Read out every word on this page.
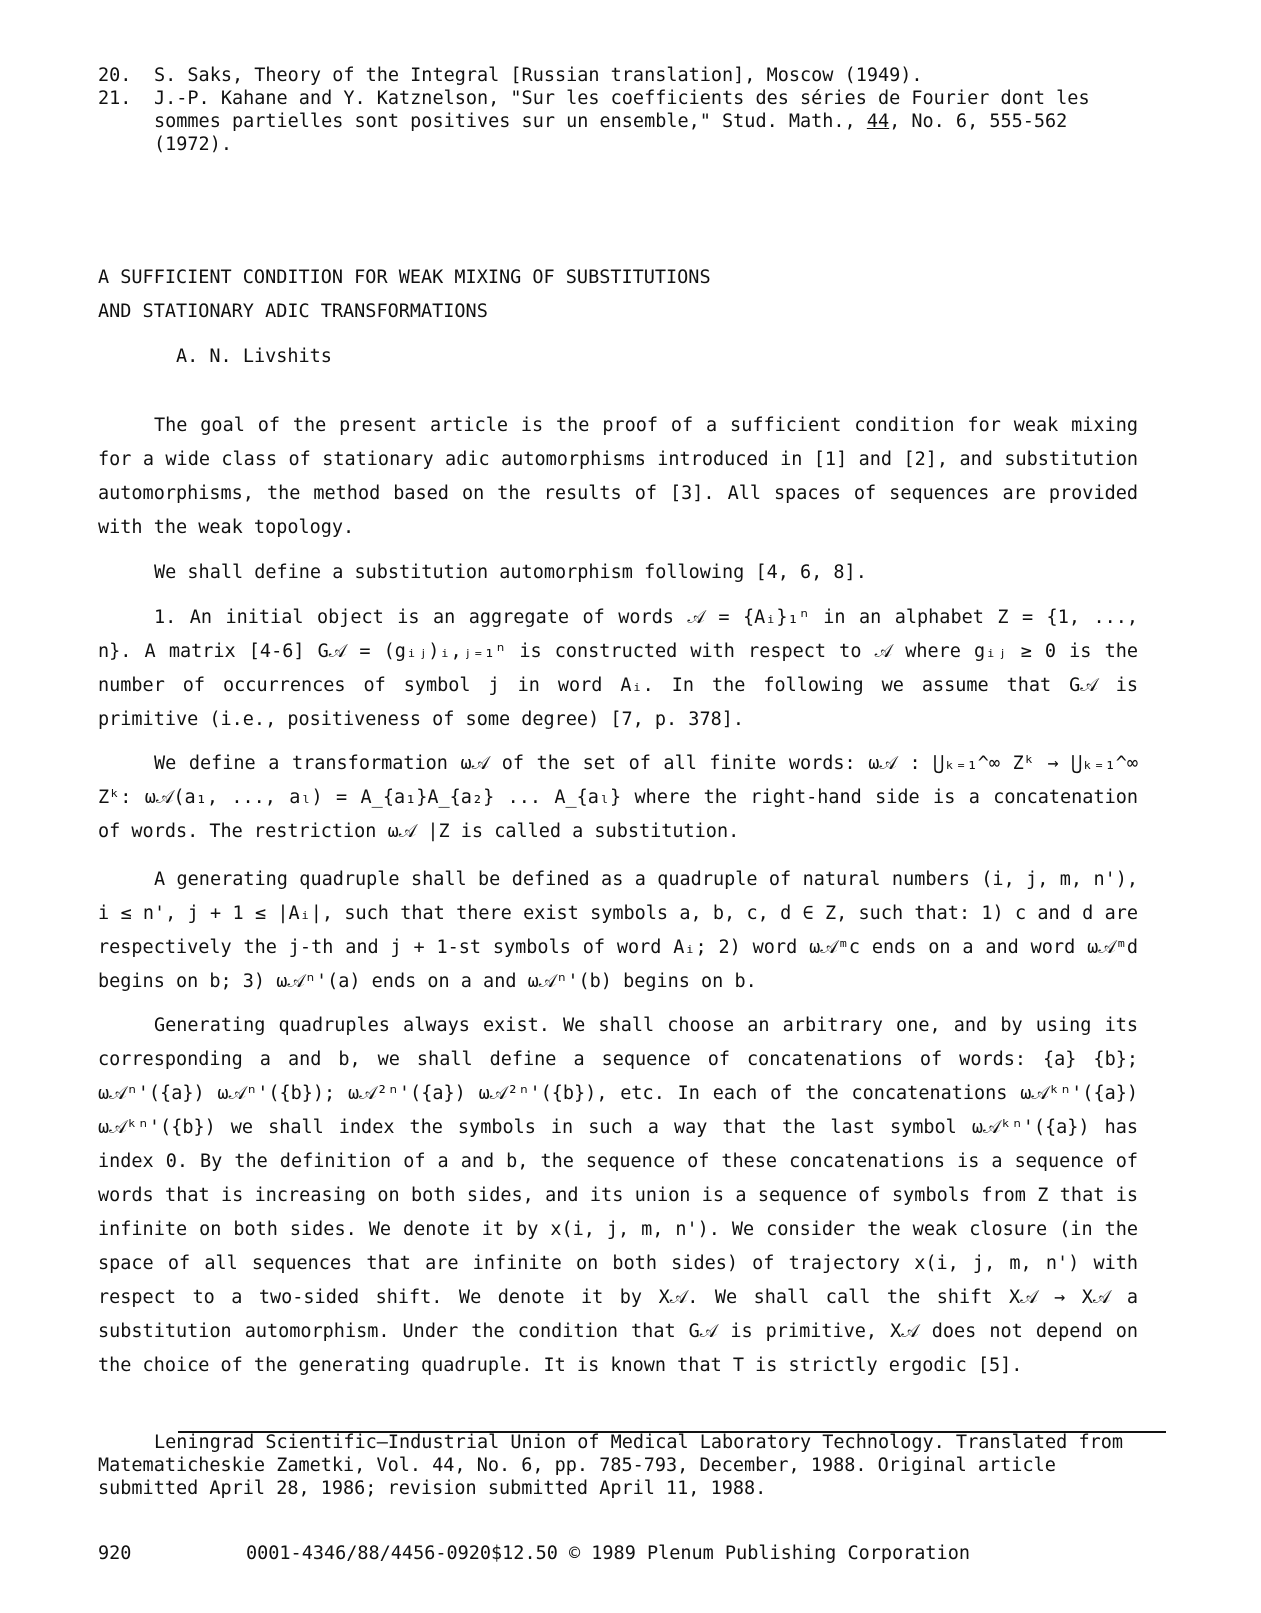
20. S. Saks, Theory of the Integral [Russian translation], Moscow (1949).
21. J.-P. Kahane and Y. Katznelson, "Sur les coefficients des séries de Fourier dont les sommes partielles sont positives sur un ensemble," Stud. Math., 44, No. 6, 555-562 (1972).
A SUFFICIENT CONDITION FOR WEAK MIXING OF SUBSTITUTIONS
AND STATIONARY ADIC TRANSFORMATIONS
A. N. Livshits
The goal of the present article is the proof of a sufficient condition for weak mixing for a wide class of stationary adic automorphisms introduced in [1] and [2], and substitution automorphisms, the method based on the results of [3]. All spaces of sequences are provided with the weak topology.
We shall define a substitution automorphism following [4, 6, 8].
1. An initial object is an aggregate of words 𝒜 = {Aᵢ}₁ⁿ in an alphabet Z = {1, ..., n}. A matrix [4-6] G𝒜 = (gᵢⱼ)ᵢ,ⱼ₌₁ⁿ is constructed with respect to 𝒜 where gᵢⱼ ≥ 0 is the number of occurrences of symbol j in word Aᵢ. In the following we assume that G𝒜 is primitive (i.e., positiveness of some degree) [7, p. 378].
We define a transformation ω𝒜 of the set of all finite words: ω𝒜 : ⋃ₖ₌₁^∞ Zᵏ → ⋃ₖ₌₁^∞ Zᵏ: ω𝒜(a₁, ..., aₗ) = A_{a₁}A_{a₂} ... A_{aₗ} where the right-hand side is a concatenation of words. The restriction ω𝒜 |Z is called a substitution.
A generating quadruple shall be defined as a quadruple of natural numbers (i, j, m, n'), i ≤ n', j + 1 ≤ |Aᵢ|, such that there exist symbols a, b, c, d ∈ Z, such that: 1) c and d are respectively the j-th and j + 1-st symbols of word Aᵢ; 2) word ω𝒜ᵐc ends on a and word ω𝒜ᵐd begins on b; 3) ω𝒜ⁿ'(a) ends on a and ω𝒜ⁿ'(b) begins on b.
Generating quadruples always exist. We shall choose an arbitrary one, and by using its corresponding a and b, we shall define a sequence of concatenations of words: {a} {b}; ω𝒜ⁿ'({a}) ω𝒜ⁿ'({b}); ω𝒜²ⁿ'({a}) ω𝒜²ⁿ'({b}), etc. In each of the concatenations ω𝒜ᵏⁿ'({a}) ω𝒜ᵏⁿ'({b}) we shall index the symbols in such a way that the last symbol ω𝒜ᵏⁿ'({a}) has index 0. By the definition of a and b, the sequence of these concatenations is a sequence of words that is increasing on both sides, and its union is a sequence of symbols from Z that is infinite on both sides. We denote it by x(i, j, m, n'). We consider the weak closure (in the space of all sequences that are infinite on both sides) of trajectory x(i, j, m, n') with respect to a two-sided shift. We denote it by X𝒜. We shall call the shift X𝒜 → X𝒜 a substitution automorphism. Under the condition that G𝒜 is primitive, X𝒜 does not depend on the choice of the generating quadruple. It is known that T is strictly ergodic [5].
Leningrad Scientific—Industrial Union of Medical Laboratory Technology. Translated from Matematicheskie Zametki, Vol. 44, No. 6, pp. 785-793, December, 1988. Original article submitted April 28, 1986; revision submitted April 11, 1988.
920	0001-4346/88/4456-0920$12.50 © 1989 Plenum Publishing Corporation
